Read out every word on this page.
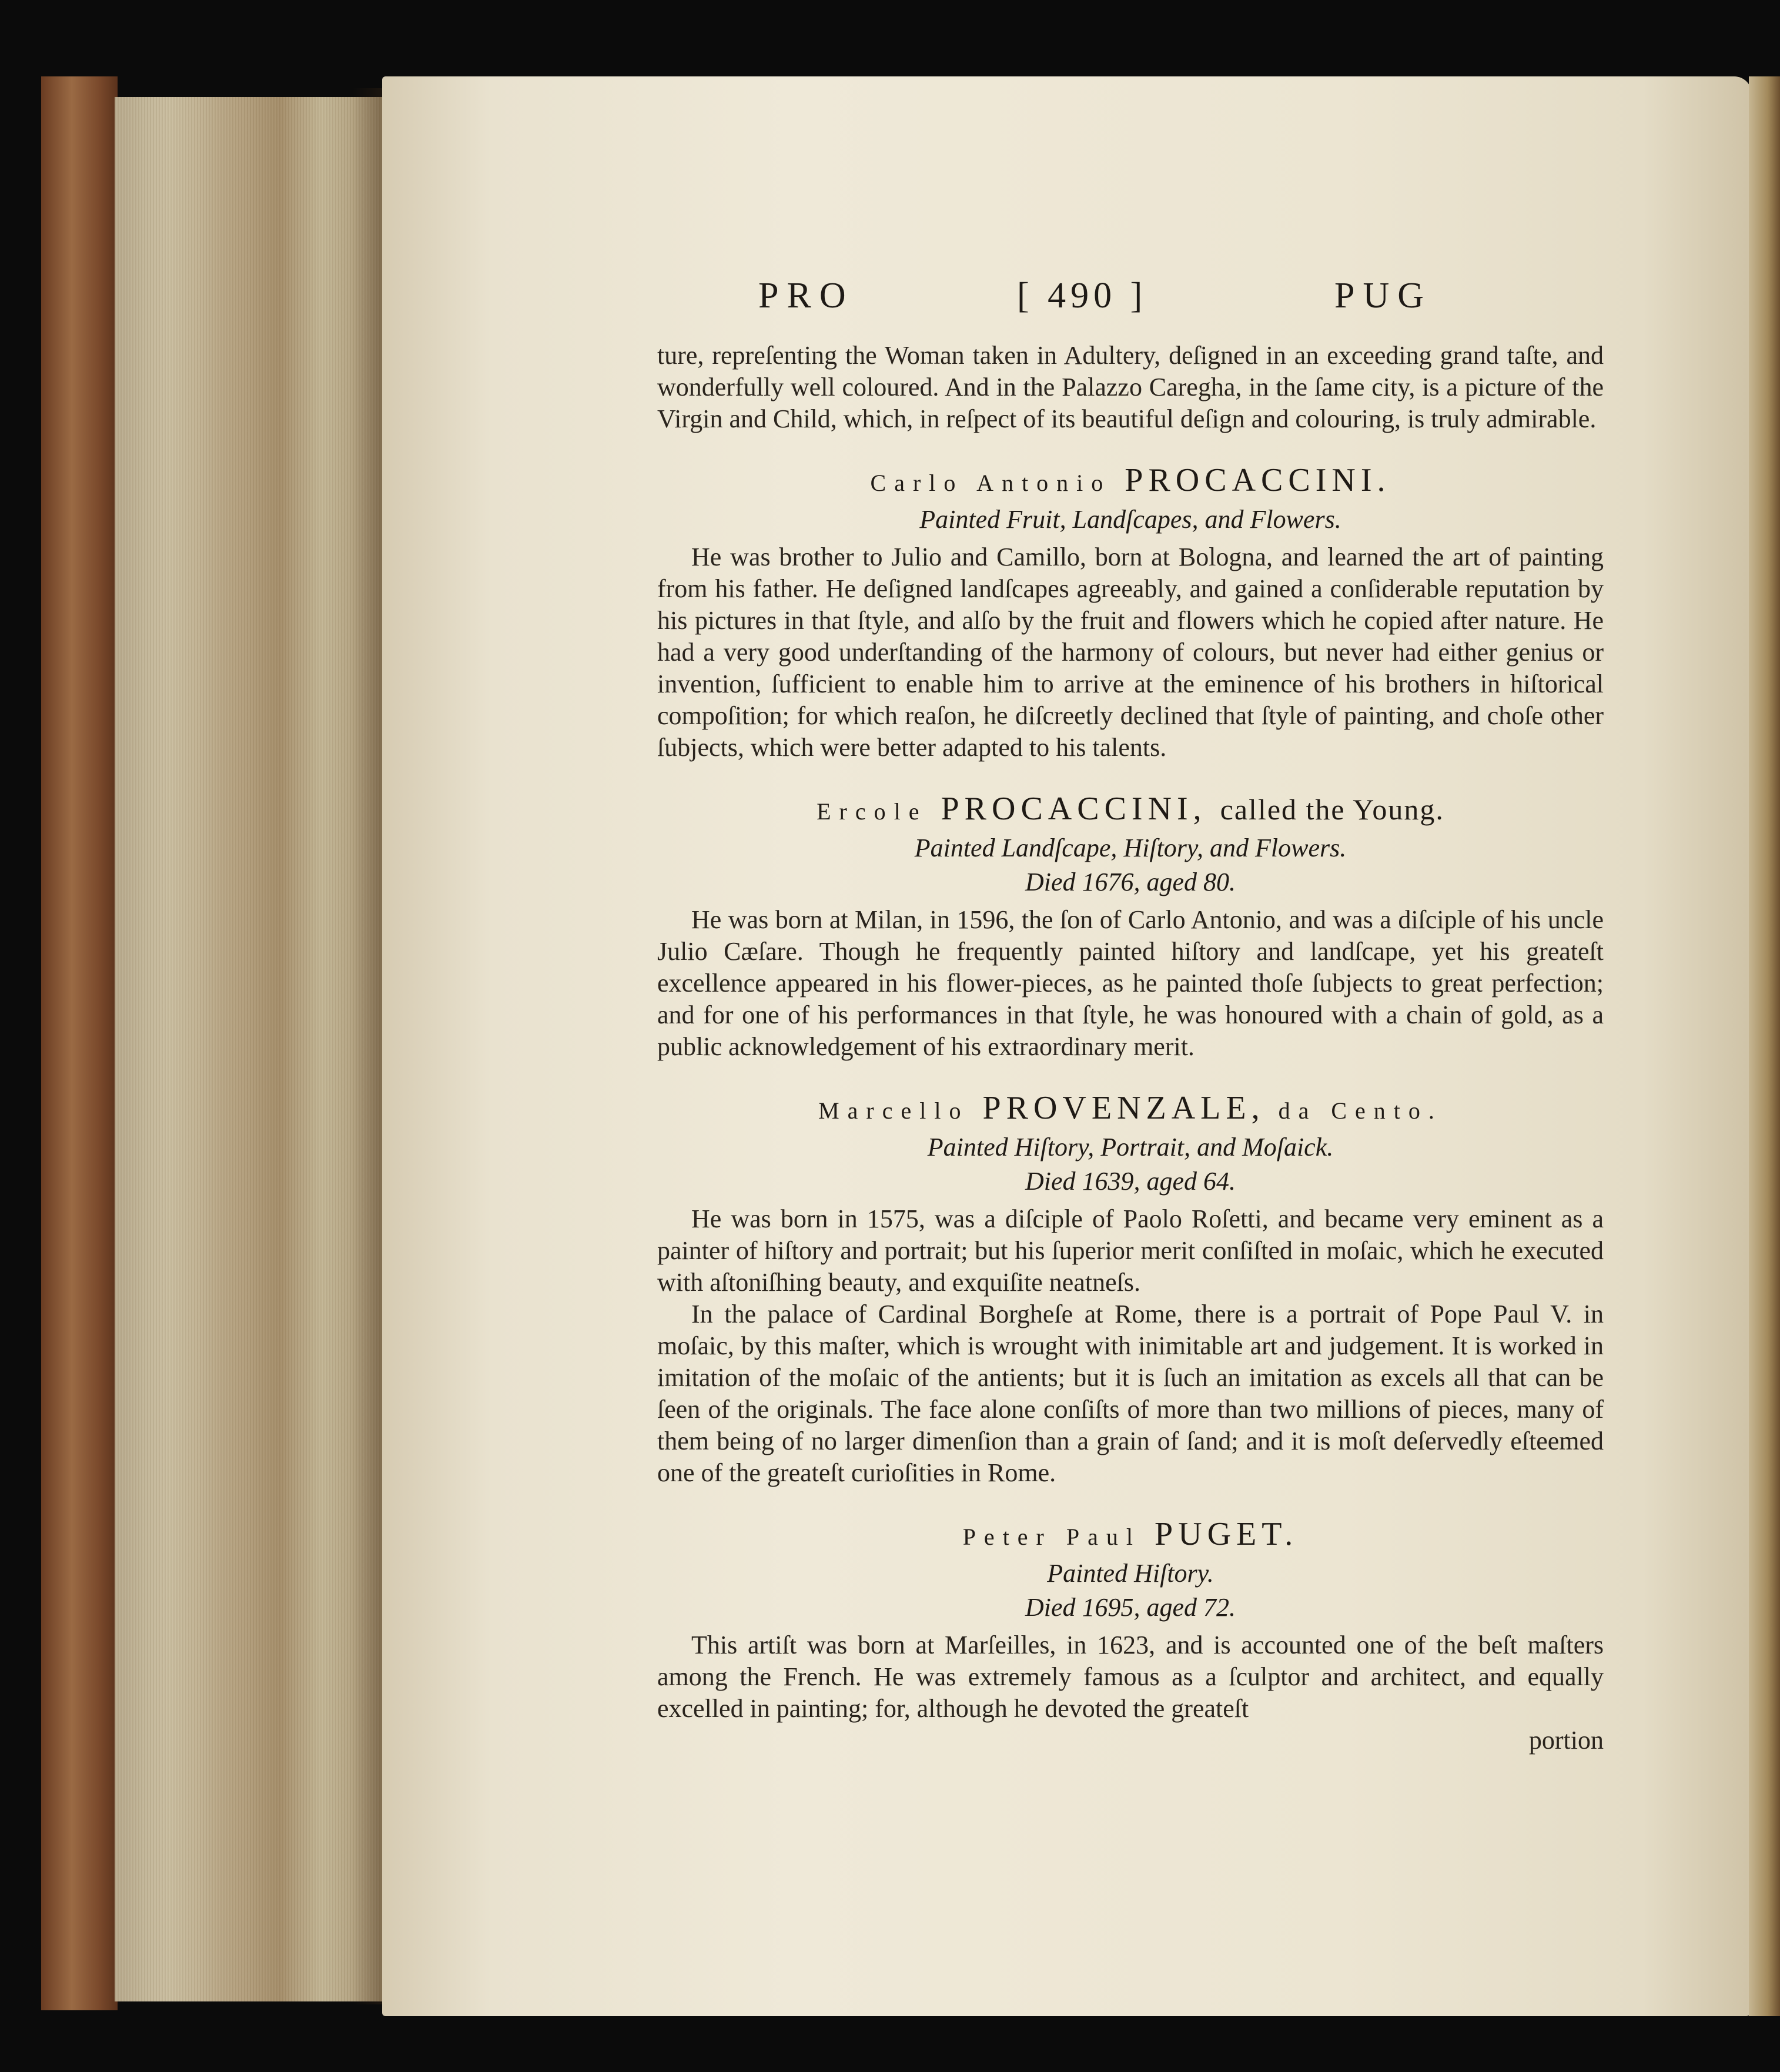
PRO	[ 490 ]	PUG

ture, repreſenting the Woman taken in Adultery, deſigned in an exceeding grand taſte, and wonderfully well coloured. And in the Palazzo Caregha, in the ſame city, is a picture of the Virgin and Child, which, in reſpect of its beautiful deſign and colouring, is truly admirable.

Carlo Antonio PROCACCINI.

Painted Fruit, Landſcapes, and Flowers.

He was brother to Julio and Camillo, born at Bologna, and learned the art of painting from his father. He deſigned landſcapes agreeably, and gained a conſiderable reputation by his pictures in that ſtyle, and alſo by the fruit and flowers which he copied after nature. He had a very good underſtanding of the harmony of colours, but never had either genius or invention, ſufficient to enable him to arrive at the eminence of his brothers in hiſtorical compoſition; for which reaſon, he diſcreetly declined that ſtyle of painting, and choſe other ſubjects, which were better adapted to his talents.

Ercole PROCACCINI, called the Young.

Painted Landſcape, Hiſtory, and Flowers.

Died 1676, aged 80.

He was born at Milan, in 1596, the ſon of Carlo Antonio, and was a diſciple of his uncle Julio Cæſare. Though he frequently painted hiſtory and landſcape, yet his greateſt excellence appeared in his flower-pieces, as he painted thoſe ſubjects to great perfection; and for one of his performances in that ſtyle, he was honoured with a chain of gold, as a public acknowledgement of his extraordinary merit.

Marcello PROVENZALE, da Cento.

Painted Hiſtory, Portrait, and Moſaick.

Died 1639, aged 64.

He was born in 1575, was a diſciple of Paolo Roſetti, and became very eminent as a painter of hiſtory and portrait; but his ſuperior merit conſiſted in moſaic, which he executed with aſtoniſhing beauty, and exquiſite neatneſs.

In the palace of Cardinal Borgheſe at Rome, there is a portrait of Pope Paul V. in moſaic, by this maſter, which is wrought with inimitable art and judgement. It is worked in imitation of the moſaic of the antients; but it is ſuch an imitation as excels all that can be ſeen of the originals. The face alone conſiſts of more than two millions of pieces, many of them being of no larger dimenſion than a grain of ſand; and it is moſt deſervedly eſteemed one of the greateſt curioſities in Rome.

Peter Paul PUGET.

Painted Hiſtory.

Died 1695, aged 72.

This artiſt was born at Marſeilles, in 1623, and is accounted one of the beſt maſters among the French. He was extremely famous as a ſculptor and architect, and equally excelled in painting; for, although he devoted the greateſt

portion
